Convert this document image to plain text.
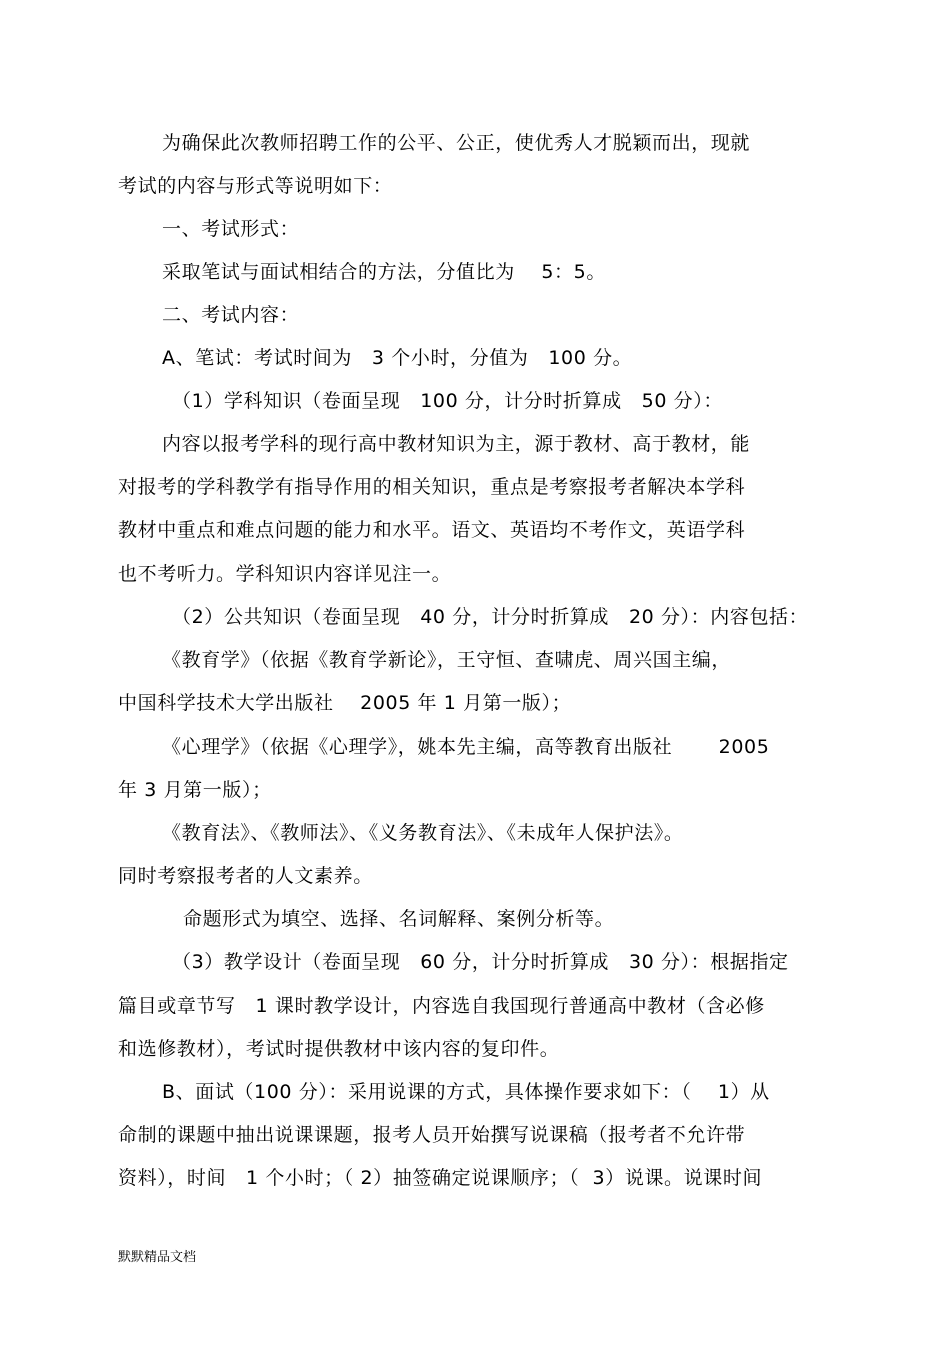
为确保此次教师招聘工作的公平、公正，使优秀人才脱颖而出，现就
考试的内容与形式等说明如下：
一、考试形式：
采取笔试与面试相结合的方法，分值比为    5：5。
二、考试内容：
A、笔试：考试时间为   3 个小时，分值为   100 分。
（1）学科知识（卷面呈现   100 分，计分时折算成   50 分）：
内容以报考学科的现行高中教材知识为主，源于教材、高于教材，能
对报考的学科教学有指导作用的相关知识，重点是考察报考者解决本学科
教材中重点和难点问题的能力和水平。语文、英语均不考作文，英语学科
也不考听力。学科知识内容详见注一。
（2）公共知识（卷面呈现   40 分，计分时折算成   20 分）：内容包括：
《教育学》（依据《教育学新论》，王守恒、查啸虎、周兴国主编，
中国科学技术大学出版社    2005 年 1 月第一版）；
《心理学》（依据《心理学》，姚本先主编，高等教育出版社       2005
年 3 月第一版）；
《教育法》、《教师法》、《义务教育法》、《未成年人保护法》。
同时考察报考者的人文素养。
命题形式为填空、选择、名词解释、案例分析等。
（3）教学设计（卷面呈现   60 分，计分时折算成   30 分）：根据指定
篇目或章节写   1 课时教学设计，内容选自我国现行普通高中教材（含必修
和选修教材），考试时提供教材中该内容的复印件。
B、面试（100 分）：采用说课的方式，具体操作要求如下：（    1）从
命制的课题中抽出说课课题，报考人员开始撰写说课稿（报考者不允许带
资料），时间   1 个小时；（ 2）抽签确定说课顺序；（  3）说课。说课时间
默默精品文档
